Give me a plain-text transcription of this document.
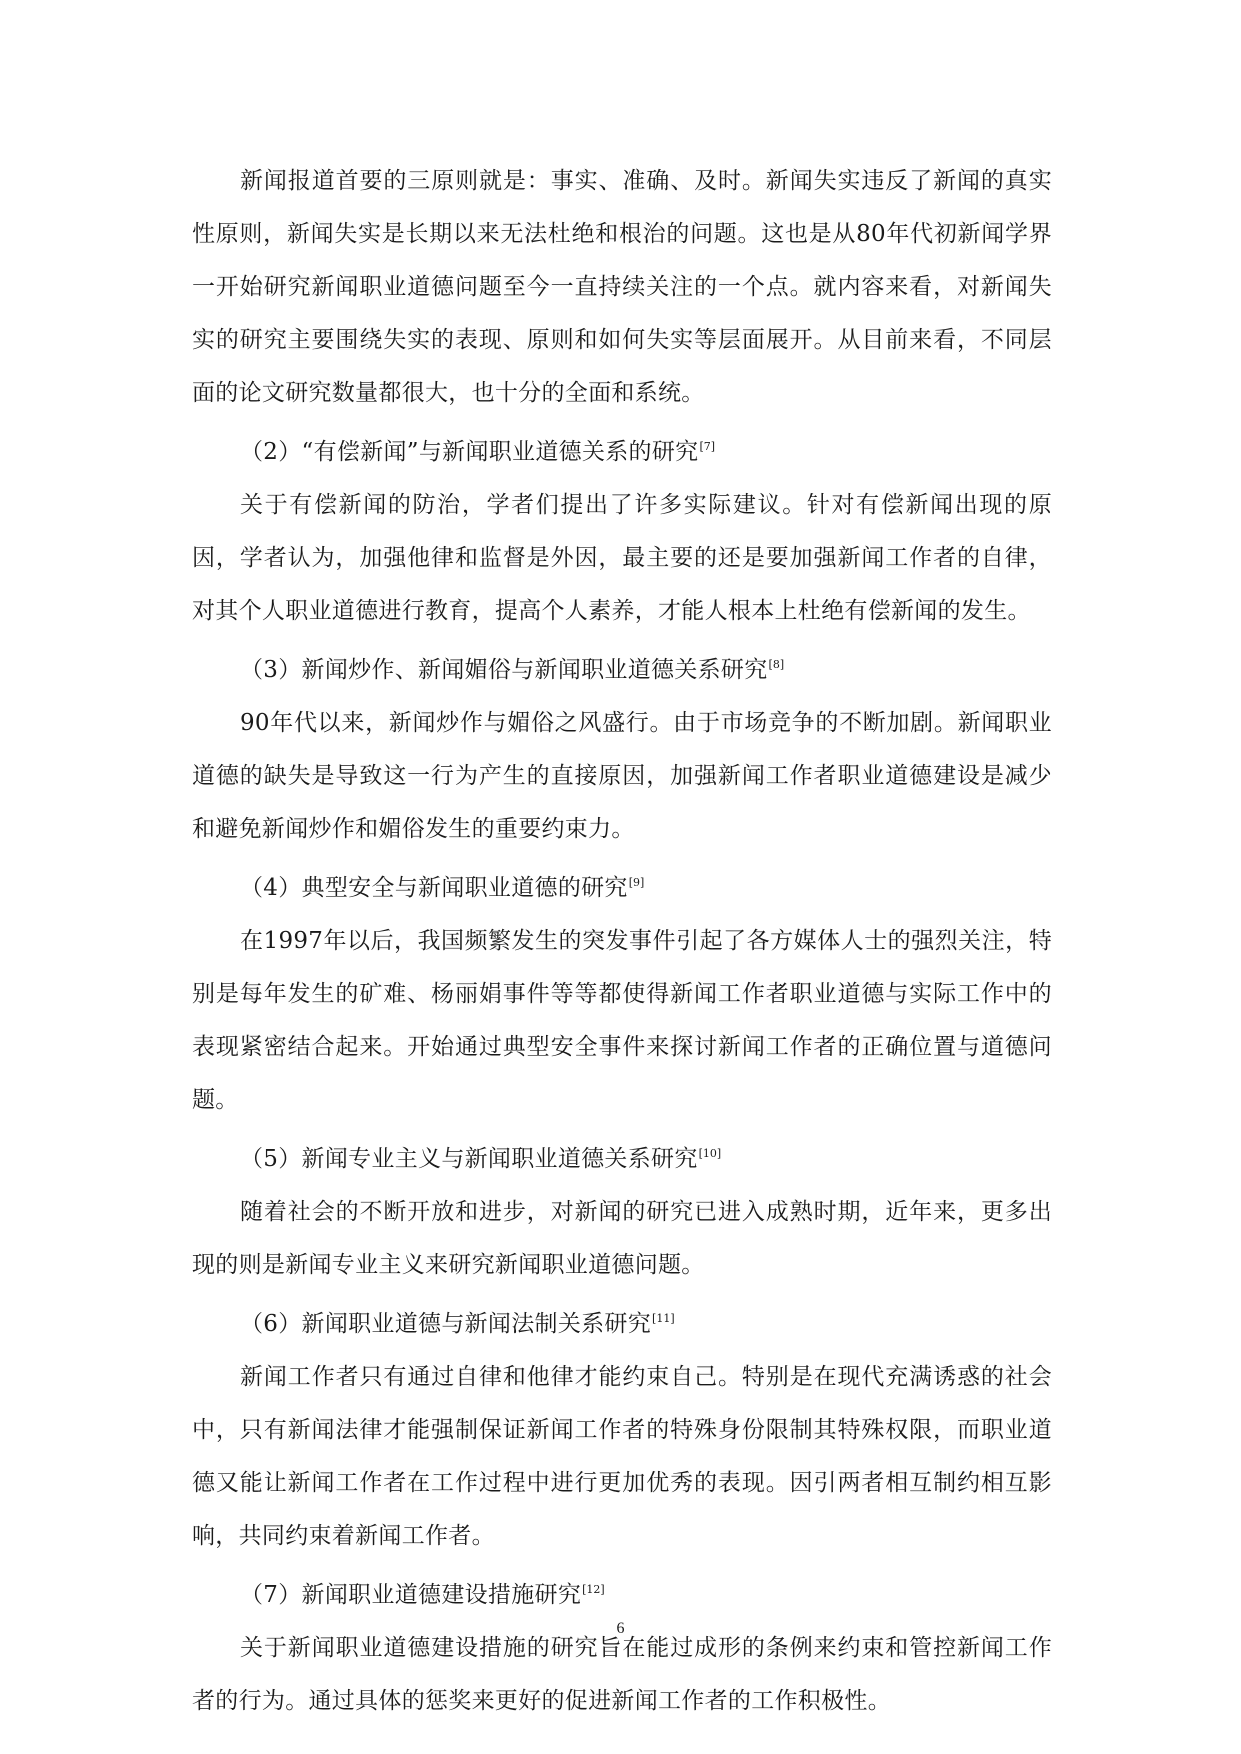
新闻报道首要的三原则就是：事实、准确、及时。新闻失实违反了新闻的真实性原则，新闻失实是长期以来无法杜绝和根治的问题。这也是从80年代初新闻学界一开始研究新闻职业道德问题至今一直持续关注的一个点。就内容来看，对新闻失实的研究主要围绕失实的表现、原则和如何失实等层面展开。从目前来看，不同层面的论文研究数量都很大，也十分的全面和系统。

（2）“有偿新闻”与新闻职业道德关系的研究[7]

关于有偿新闻的防治，学者们提出了许多实际建议。针对有偿新闻出现的原因，学者认为，加强他律和监督是外因，最主要的还是要加强新闻工作者的自律，对其个人职业道德进行教育，提高个人素养，才能人根本上杜绝有偿新闻的发生。

（3）新闻炒作、新闻媚俗与新闻职业道德关系研究[8]

90年代以来，新闻炒作与媚俗之风盛行。由于市场竞争的不断加剧。新闻职业道德的缺失是导致这一行为产生的直接原因，加强新闻工作者职业道德建设是减少和避免新闻炒作和媚俗发生的重要约束力。

（4）典型安全与新闻职业道德的研究[9]

在1997年以后，我国频繁发生的突发事件引起了各方媒体人士的强烈关注，特别是每年发生的矿难、杨丽娟事件等等都使得新闻工作者职业道德与实际工作中的表现紧密结合起来。开始通过典型安全事件来探讨新闻工作者的正确位置与道德问题。

（5）新闻专业主义与新闻职业道德关系研究[10]

随着社会的不断开放和进步，对新闻的研究已进入成熟时期，近年来，更多出现的则是新闻专业主义来研究新闻职业道德问题。

（6）新闻职业道德与新闻法制关系研究[11]

新闻工作者只有通过自律和他律才能约束自己。特别是在现代充满诱惑的社会中，只有新闻法律才能强制保证新闻工作者的特殊身份限制其特殊权限，而职业道德又能让新闻工作者在工作过程中进行更加优秀的表现。因引两者相互制约相互影响，共同约束着新闻工作者。

（7）新闻职业道德建设措施研究[12]

关于新闻职业道德建设措施的研究旨在能过成形的条例来约束和管控新闻工作者的行为。通过具体的惩奖来更好的促进新闻工作者的工作积极性。

6
